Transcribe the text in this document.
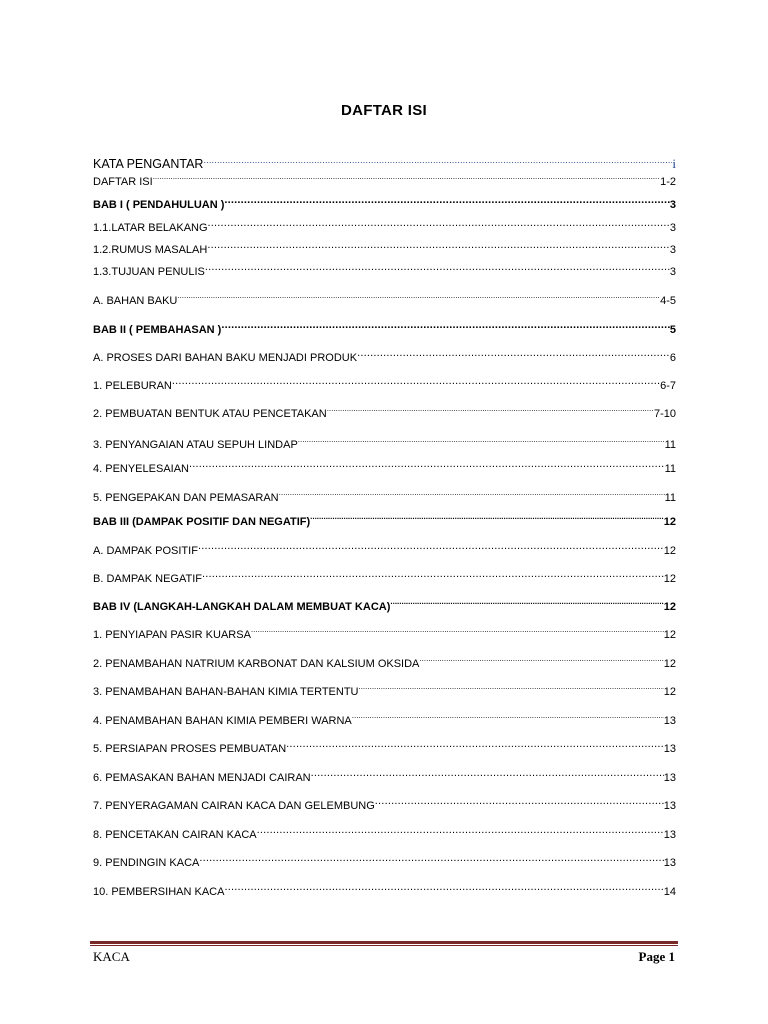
DAFTAR ISI
KATA PENGANTAR .....	i
DAFTAR ISI .....	1-2
BAB I ( PENDAHULUAN ) .....	3
1.1.LATAR BELAKANG .....	3
1.2.RUMUS MASALAH .....	3
1.3.TUJUAN PENULIS .....	3
A. BAHAN BAKU .....	4-5
BAB II ( PEMBAHASAN ) .....	5
A. PROSES DARI BAHAN BAKU MENJADI PRODUK .....	6
1. PELEBURAN .....	6-7
2. PEMBUATAN BENTUK ATAU PENCETAKAN .....	7-10
3. PENYANGAIAN ATAU SEPUH LINDAP .....	11
4. PENYELESAIAN .....	11
5. PENGEPAKAN DAN PEMASARAN .....	11
BAB III (DAMPAK POSITIF DAN NEGATIF) .....	12
A. DAMPAK POSITIF .....	12
B. DAMPAK NEGATIF .....	12
BAB IV (LANGKAH-LANGKAH DALAM MEMBUAT KACA) .....	12
1. PENYIAPAN PASIR KUARSA .....	12
2. PENAMBAHAN NATRIUM KARBONAT DAN KALSIUM OKSIDA .....	12
3. PENAMBAHAN BAHAN-BAHAN KIMIA TERTENTU .....	12
4. PENAMBAHAN BAHAN KIMIA PEMBERI WARNA .....	13
5. PERSIAPAN PROSES PEMBUATAN .....	13
6. PEMASAKAN BAHAN MENJADI CAIRAN .....	13
7. PENYERAGAMAN CAIRAN KACA DAN GELEMBUNG .....	13
8. PENCETAKAN CAIRAN KACA .....	13
9. PENDINGIN KACA .....	13
10. PEMBERSIHAN KACA .....	14
KACA	Page 1
